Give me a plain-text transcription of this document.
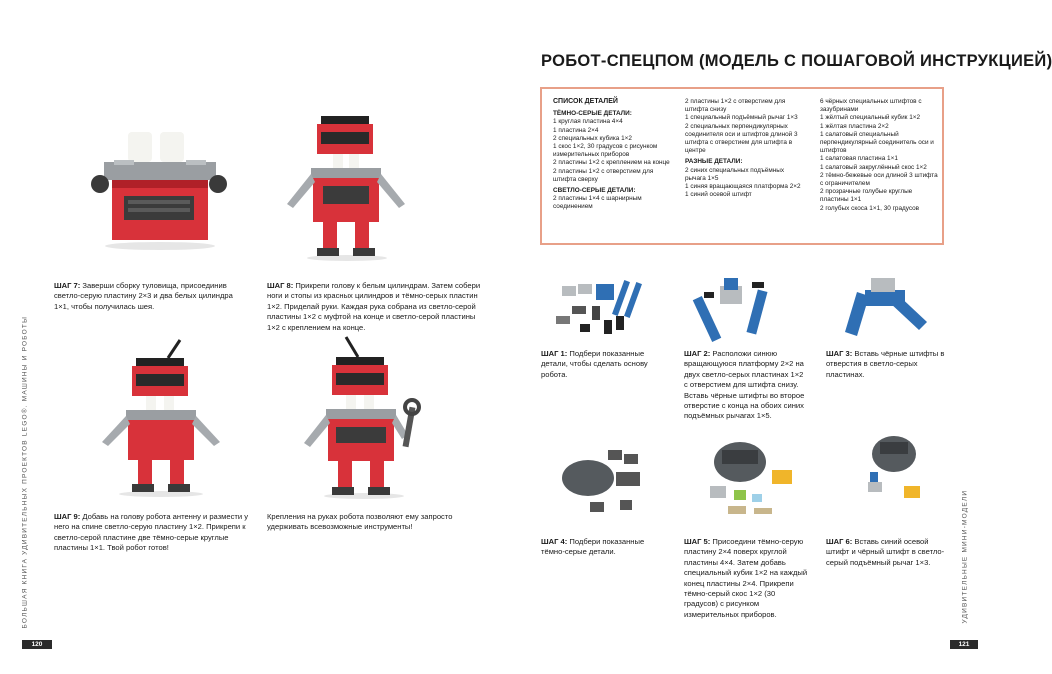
БОЛЬШАЯ КНИГА УДИВИТЕЛЬНЫХ ПРОЕКТОВ LEGO®. МАШИНЫ И РОБОТЫ
120
ШАГ 7: Заверши сборку туловища, присоединив светло-серую пластину 2×3 и два белых цилиндра 1×1, чтобы получилась шея.
ШАГ 8: Прикрепи голову к белым цилиндрам. Затем собери ноги и стопы из красных цилиндров и тёмно-серых пластин 1×2. Приделай руки. Каждая рука собрана из светло-серой пластины 1×2 с муфтой на конце и светло-серой пластины 1×2 с креплением на конце.
ШАГ 9: Добавь на голову робота антенну и размести у него на спине светло-серую пластину 1×2. Прикрепи к светло-серой пластине две тёмно-серые круглые пластины 1×1. Твой робот готов!
Крепления на руках робота позволяют ему запросто удерживать всевозможные инструменты!
РОБОТ-СПЕЦПОМ (МОДЕЛЬ С ПОШАГОВОЙ ИНСТРУКЦИЕЙ)
СПИСОК ДЕТАЛЕЙ
ТЁМНО-СЕРЫЕ ДЕТАЛИ:
1 круглая пластина 4×4
1 пластина 2×4
2 специальных кубика 1×2
1 скос 1×2, 30 градусов с рисунком измерительных приборов
2 пластины 1×2 с креплением на конце
2 пластины 1×2 с отверстием для штифта сверху
СВЕТЛО-СЕРЫЕ ДЕТАЛИ:
2 пластины 1×4 с шарнирным соединением
2 пластины 1×2 с отверстием для штифта снизу
1 специальный подъёмный рычаг 1×3
2 специальных перпендикулярных соединителя оси и штифтов длиной 3 штифта с отверстием для штифта в центре
РАЗНЫЕ ДЕТАЛИ:
2 синих специальных подъёмных рычага 1×5
1 синяя вращающаяся платформа 2×2
1 синий осевой штифт
6 чёрных специальных штифтов с зазубринами
1 жёлтый специальный кубик 1×2
1 жёлтая пластина 2×2
1 салатовый специальный перпендикулярный соединитель оси и штифтов
1 салатовая пластина 1×1
1 салатовый закруглённый скос 1×2
2 тёмно-бежевые оси длиной 3 штифта с ограничителем
2 прозрачные голубые круглые пластины 1×1
2 голубых скоса 1×1, 30 градусов
ШАГ 1: Подбери показанные детали, чтобы сделать основу робота.
ШАГ 2: Расположи синюю вращающуюся платформу 2×2 на двух светло-серых пластинах 1×2 с отверстием для штифта снизу. Вставь чёрные штифты во второе отверстие с конца на обоих синих подъёмных рычагах 1×5.
ШАГ 3: Вставь чёрные штифты в отверстия в светло-серых пластинах.
ШАГ 4: Подбери показанные тёмно-серые детали.
ШАГ 5: Присоедини тёмно-серую пластину 2×4 поверх круглой пластины 4×4. Затем добавь специальный кубик 1×2 на каждый конец пластины 2×4. Прикрепи тёмно-серый скос 1×2 (30 градусов) с рисунком измерительных приборов.
ШАГ 6: Вставь синий осевой штифт и чёрный штифт в светло-серый подъёмный рычаг 1×3.	УДИВИТЕЛЬНЫЕ МИНИ-МОДЕЛИ
121
